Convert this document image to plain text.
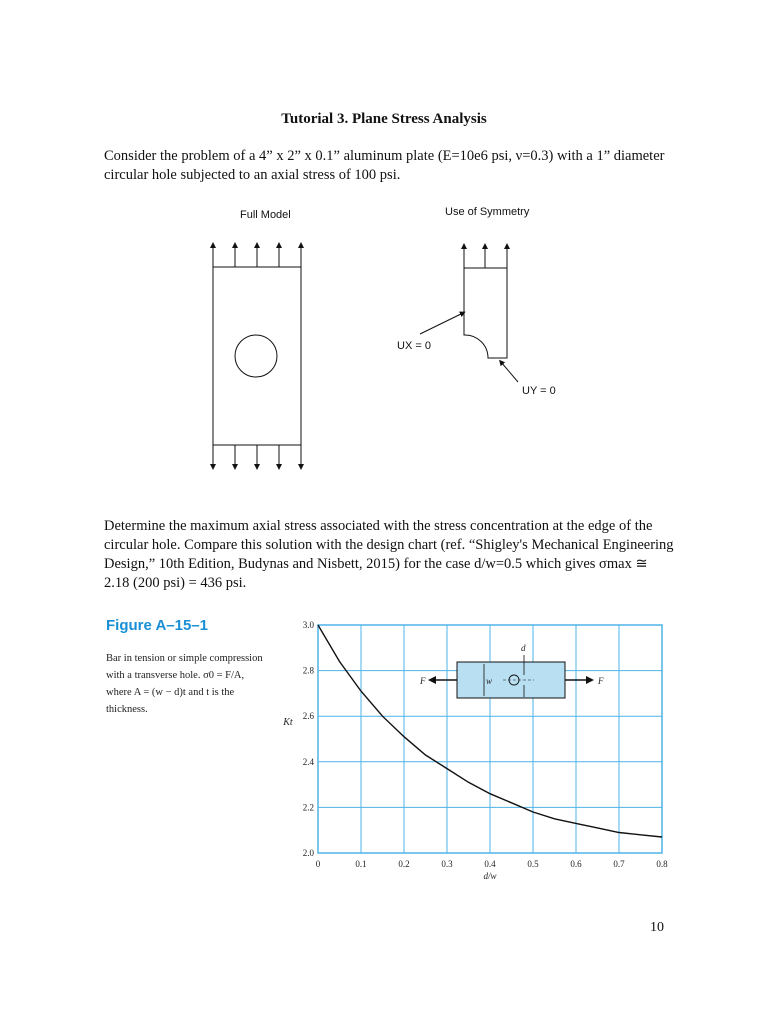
Tutorial 3. Plane Stress Analysis
Consider the problem of a 4” x 2” x 0.1” aluminum plate (E=10e6 psi, ν=0.3) with a 1” diameter circular hole subjected to an axial stress of 100 psi.
Full Model	Use of Symmetry
UX = 0
UY = 0
Determine the maximum axial stress associated with the stress concentration at the edge of the circular hole. Compare this solution with the design chart (ref. “Shigley's Mechanical Engineering Design,” 10th Edition, Budynas and Nisbett, 2015) for the case d/w=0.5 which gives σmax ≅ 2.18 (200 psi) = 436 psi.
Figure A–15–1
Bar in tension or simple compression with a transverse hole. σ0 = F/A, where A = (w − d)t and t is the thickness.
0	0.1	0.2	0.3	0.4	0.5	0.6	0.7	0.8
2.0
2.2
2.4
2.6
2.8
3.0
d/w
Kt
F	F
w
d
10
